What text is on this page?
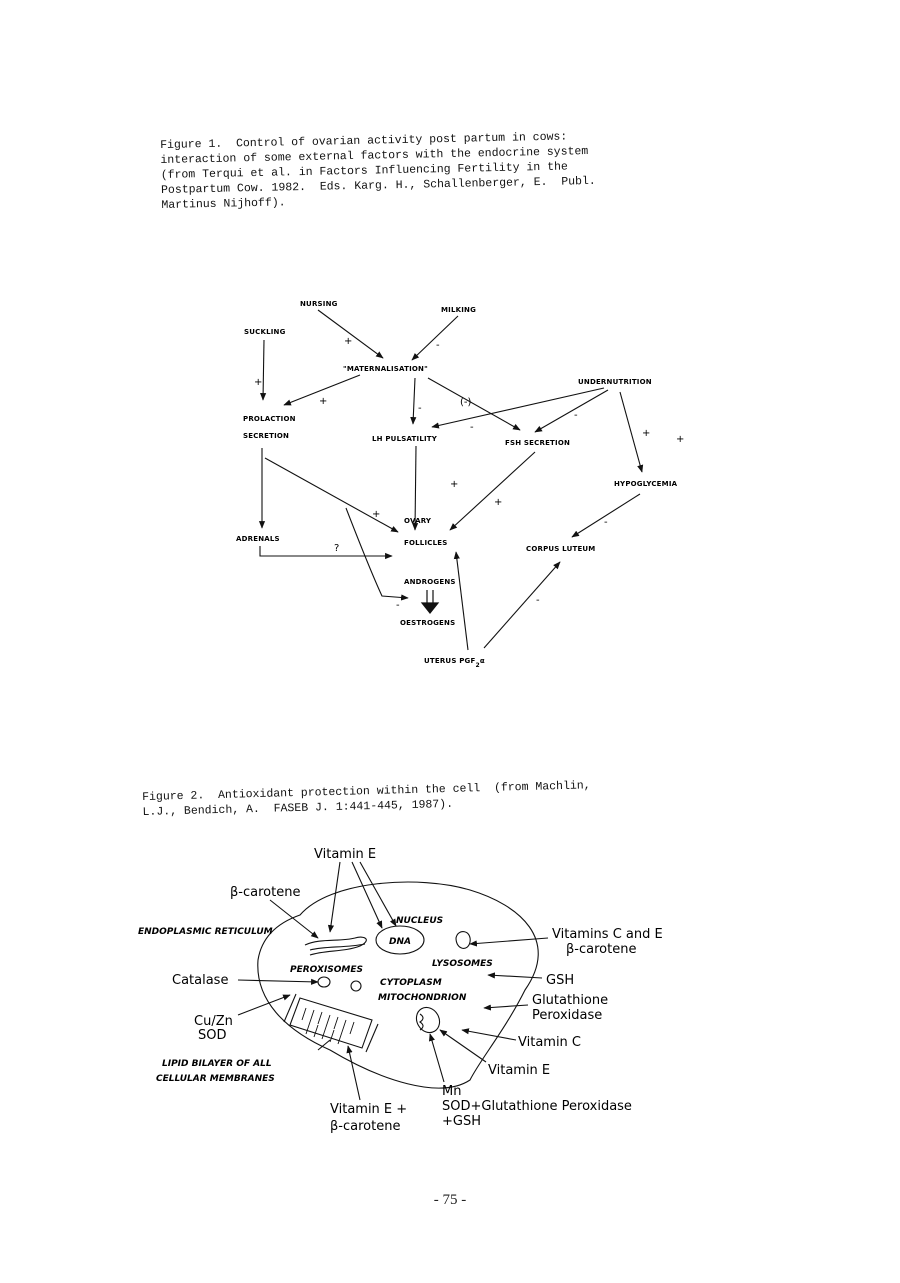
Figure 1.  Control of ovarian activity post partum in cows:
interaction of some external factors with the endocrine system
(from Terqui et al. in Factors Influencing Fertility in the
Postpartum Cow. 1982.  Eds. Karg. H., Schallenberger, E.  Publ.
Martinus Nijhoff).
NURSING
MILKING
SUCKLING
"MATERNALISATION"
UNDERNUTRITION
PROLACTION
SECRETION	LH PULSATILITY	FSH SECRETION
HYPOGLYCEMIA
OVARY
FOLLICLES
ADRENALS
CORPUS LUTEUM
ANDROGENS
OESTROGENS
UTERUS PGF2α
+	-
+
+
-
(-)
-
-
+
+
+
+
+
-
?
-	-
Figure 2.  Antioxidant protection within the cell  (from Machlin,
L.J., Bendich, A.  FASEB J. 1:441-445, 1987).
Vitamin E
β-carotene
ENDOPLASMIC RETICULUM
NUCLEUS
DNA	Vitamins C and E
β-carotene
LYSOSOMES
Catalase
PEROXISOMES
CYTOPLASM	GSH
MITOCHONDRION	Glutathione
Peroxidase
Cu/Zn
SOD	Vitamin C
LIPID BILAYER OF ALL
CELLULAR MEMBRANES
Vitamin E
Mn
SOD+Glutathione Peroxidase
+GSH
Vitamin E +
β-carotene
- 75 -
